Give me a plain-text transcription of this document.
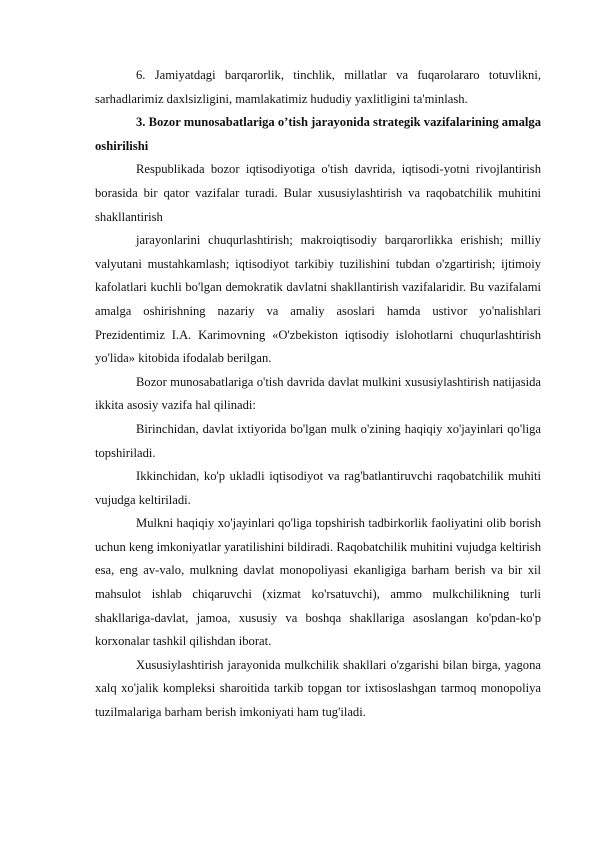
6. Jamiyatdagi barqarorlik, tinchlik, millatlar va fuqarolararo totuvlikni, sarhadlarimiz daxlsizligini, mamlakatimiz hududiy yaxlitligini ta'minlash.

3. Bozor munosabatlariga o’tish jarayonida strategik vazifalarining amalga oshirilishi

Respublikada bozor iqtisodiyotiga o'tish davrida, iqtisodi-yotni rivojlantirish borasida bir qator vazifalar turadi. Bular xususiylashtirish va raqobatchilik muhitini shakllantirish

jarayonlarini chuqurlashtirish; makroiqtisodiy barqarorlikka erishish; milliy valyutani mustahkamlash; iqtisodiyot tarkibiy tuzilishini tubdan o'zgartirish; ijtimoiy kafolatlari kuchli bo'lgan demokratik davlatni shakllantirish vazifalaridir. Bu vazifalami amalga oshirishning nazariy va amaliy asoslari hamda ustivor yo'nalishlari Prezidentimiz I.A. Karimovning «O'zbekiston iqtisodiy islohotlarni chuqurlashtirish yo'lida» kitobida ifodalab berilgan.

Bozor munosabatlariga o'tish davrida davlat mulkini xususiylashtirish natijasida ikkita asosiy vazifa hal qilinadi:

Birinchidan, davlat ixtiyorida bo'lgan mulk o'zining haqiqiy xo'jayinlari qo'liga topshiriladi.

Ikkinchidan, ko'p ukladli iqtisodiyot va rag'batlantiruvchi raqobatchilik muhiti vujudga keltiriladi.

Mulkni haqiqiy xo'jayinlari qo'liga topshirish tadbirkorlik faoliyatini olib borish uchun keng imkoniyatlar yaratilishini bildiradi. Raqobatchilik muhitini vujudga keltirish esa, eng av-valo, mulkning davlat monopoliyasi ekanligiga barham berish va bir xil mahsulot ishlab chiqaruvchi (xizmat ko'rsatuvchi), ammo mulkchilikning turli shakllariga-davlat, jamoa, xususiy va boshqa shakllariga asoslangan ko'pdan-ko'p korxonalar tashkil qilishdan iborat.

Xususiylashtirish jarayonida mulkchilik shakllari o'zgarishi bilan birga, yagona xalq xo'jalik kompleksi sharoitida tarkib topgan tor ixtisoslashgan tarmoq monopoliya tuzilmalariga barham berish imkoniyati ham tug'iladi.
